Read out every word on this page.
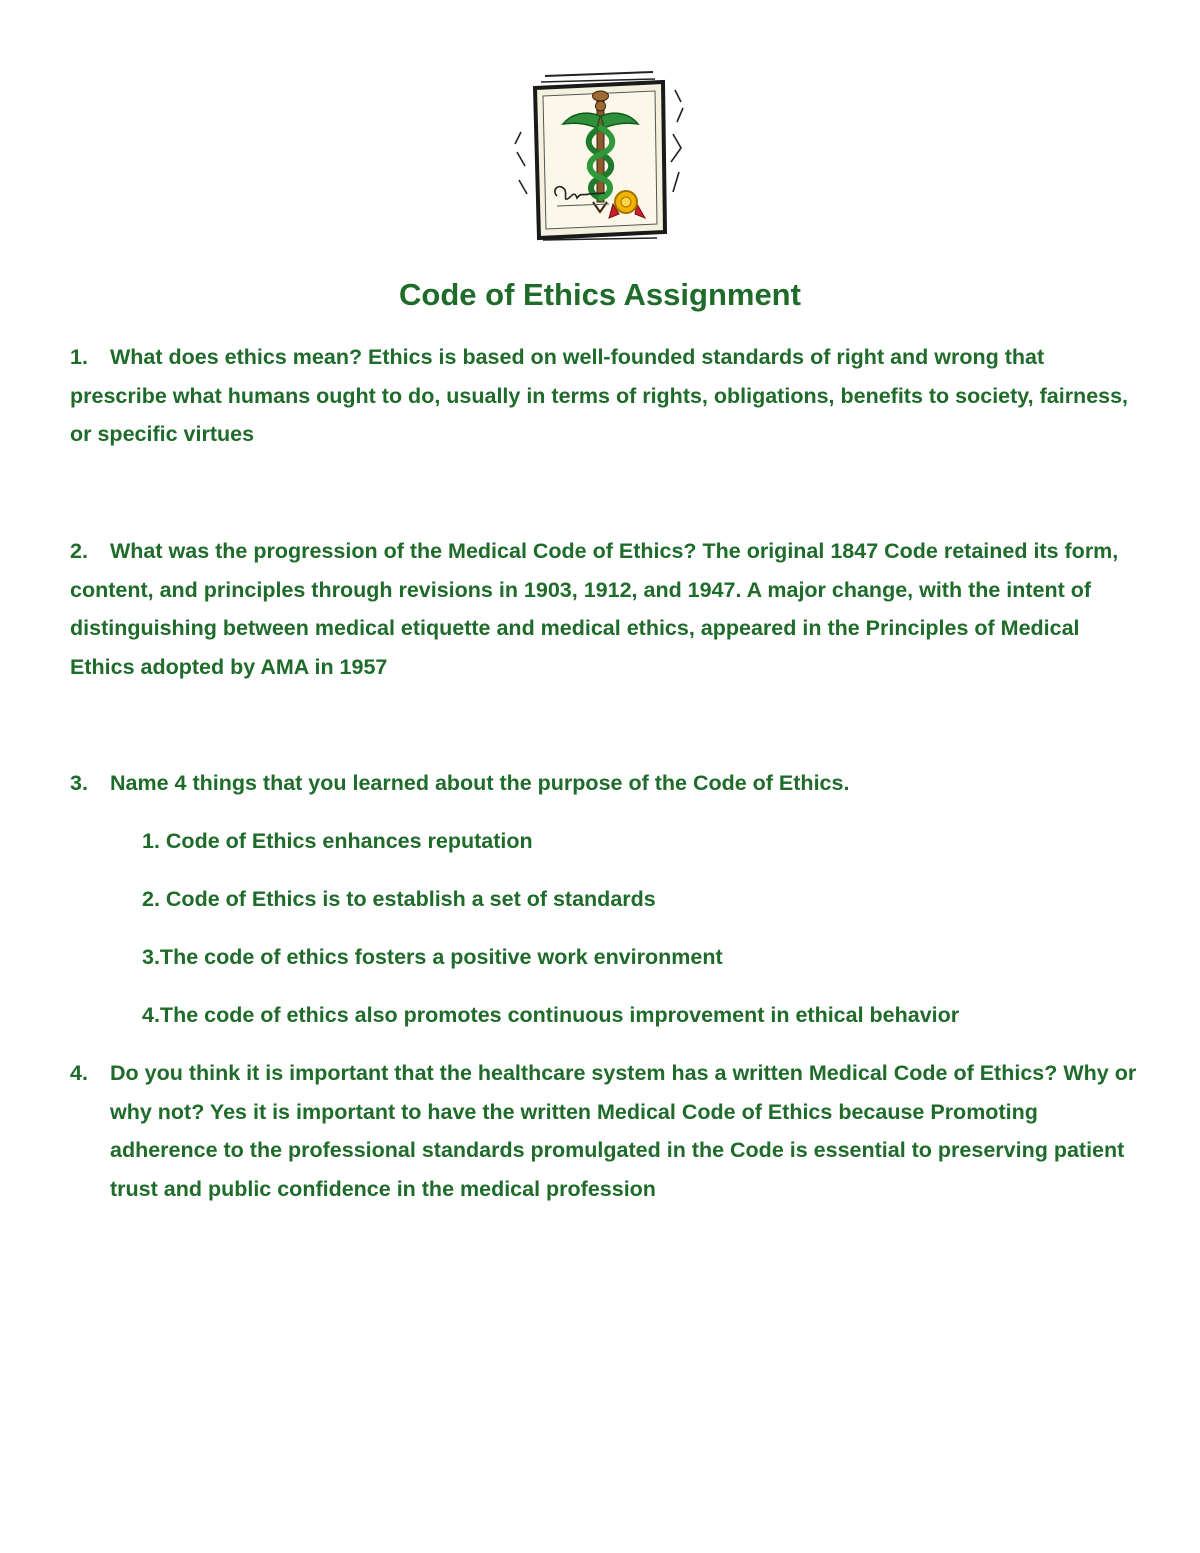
Code of Ethics Assignment
1.	What does ethics mean? Ethics is based on well-founded standards of right and wrong that prescribe what humans ought to do, usually in terms of rights, obligations, benefits to society, fairness, or specific virtues

2.	What was the progression of the Medical Code of Ethics? The original 1847 Code retained its form, content, and principles through revisions in 1903, 1912, and 1947. A major change, with the intent of distinguishing between medical etiquette and medical ethics, appeared in the Principles of Medical Ethics adopted by AMA in 1957

3.	Name 4 things that you learned about the purpose of the Code of Ethics.

1. Code of Ethics enhances reputation
2. Code of Ethics is to establish a set of standards
3.The code of ethics fosters a positive work environment
4.The code of ethics also promotes continuous improvement in ethical behavior
4.	Do you think it is important that the healthcare system has a written Medical Code of Ethics? Why or why not? Yes it is important to have the written Medical Code of Ethics because Promoting adherence to the professional standards promulgated in the Code is essential to preserving patient trust and public confidence in the medical profession
